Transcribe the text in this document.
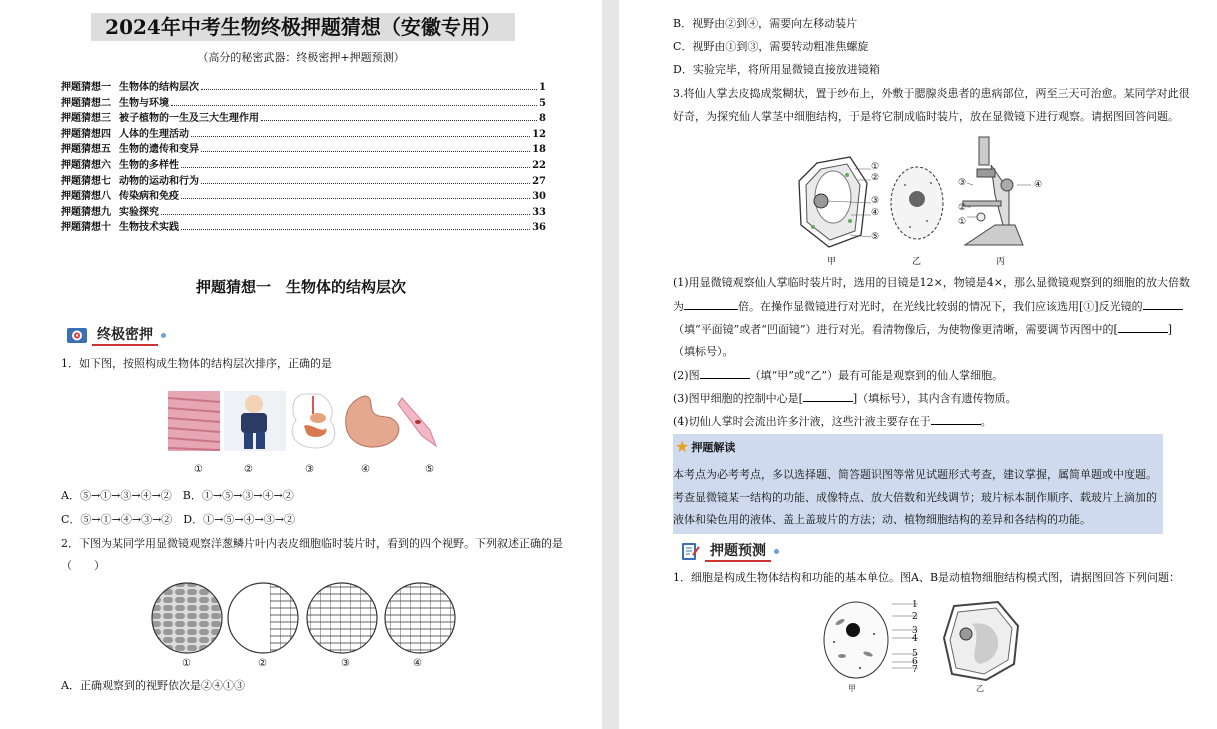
2024年中考生物终极押题猜想（安徽专用）
（高分的秘密武器：终极密押+押题预测）
押题猜想一 生物体的结构层次	1
押题猜想二 生物与环境	5
押题猜想三 被子植物的一生及三大生理作用	8
押题猜想四 人体的生理活动	12
押题猜想五 生物的遗传和变异	18
押题猜想六 生物的多样性	22
押题猜想七 动物的运动和行为	27
押题猜想八 传染病和免疫	30
押题猜想九 实验探究	33
押题猜想十 生物技术实践	36
押题猜想一　生物体的结构层次
终极密押
1．如下图，按照构成生物体的结构层次排序，正确的是
①	②	③	④	⑤
A．⑤→①→③→④→②　B．①→⑤→③→④→②
C．⑤→①→④→③→②　D．①→⑤→④→③→②
2．下图为某同学用显微镜观察洋葱鳞片叶内表皮细胞临时装片时，看到的四个视野。下列叙述正确的是
（　　）
①	②	③	④
A．正确观察到的视野依次是②④①③
B．视野由②到④，需要向左移动装片
C．视野由①到③，需要转动粗准焦螺旋
D．实验完毕，将所用显微镜直接放进镜箱
3.将仙人掌去皮捣成浆糊状，置于纱布上，外敷于腮腺炎患者的患病部位，两至三天可治愈。某同学对此很
好奇，为探究仙人掌茎中细胞结构，于是将它制成临时装片，放在显微镜下进行观察。请据图回答问题。
①
②
③
④
⑤
③	④
②
①
甲	乙	丙
(1)用显微镜观察仙人掌临时装片时，选用的目镜是12×，物镜是4×，那么显微镜观察到的细胞的放大倍数
为	倍。在操作显微镜进行对光时，在光线比较弱的情况下，我们应该选用[①]反光镜的
（填“平面镜”或者“凹面镜”）进行对光。看清物像后，为使物像更清晰，需要调节丙图中的[	]
（填标号）。
(2)图	（填“甲”或“乙”）最有可能是观察到的仙人掌细胞。
(3)图甲细胞的控制中心是[	]（填标号），其内含有遗传物质。
(4)切仙人掌时会流出许多汁液，这些汁液主要存在于	。
★ 押题解读
本考点为必考考点，多以选择题、简答题识图等常见试题形式考查，建议掌握，属简单题或中度题。考查显微镜某一结构的功能、成像特点、放大倍数和光线调节；玻片标本制作顺序、载玻片上滴加的液体和染色用的液体、盖上盖玻片的方法；动、植物细胞结构的差异和各结构的功能。
押题预测
1．细胞是构成生物体结构和功能的基本单位。图A、B是动植物细胞结构模式图，请据图回答下列问题：
1
2
3
4
5
6
7
甲	乙
